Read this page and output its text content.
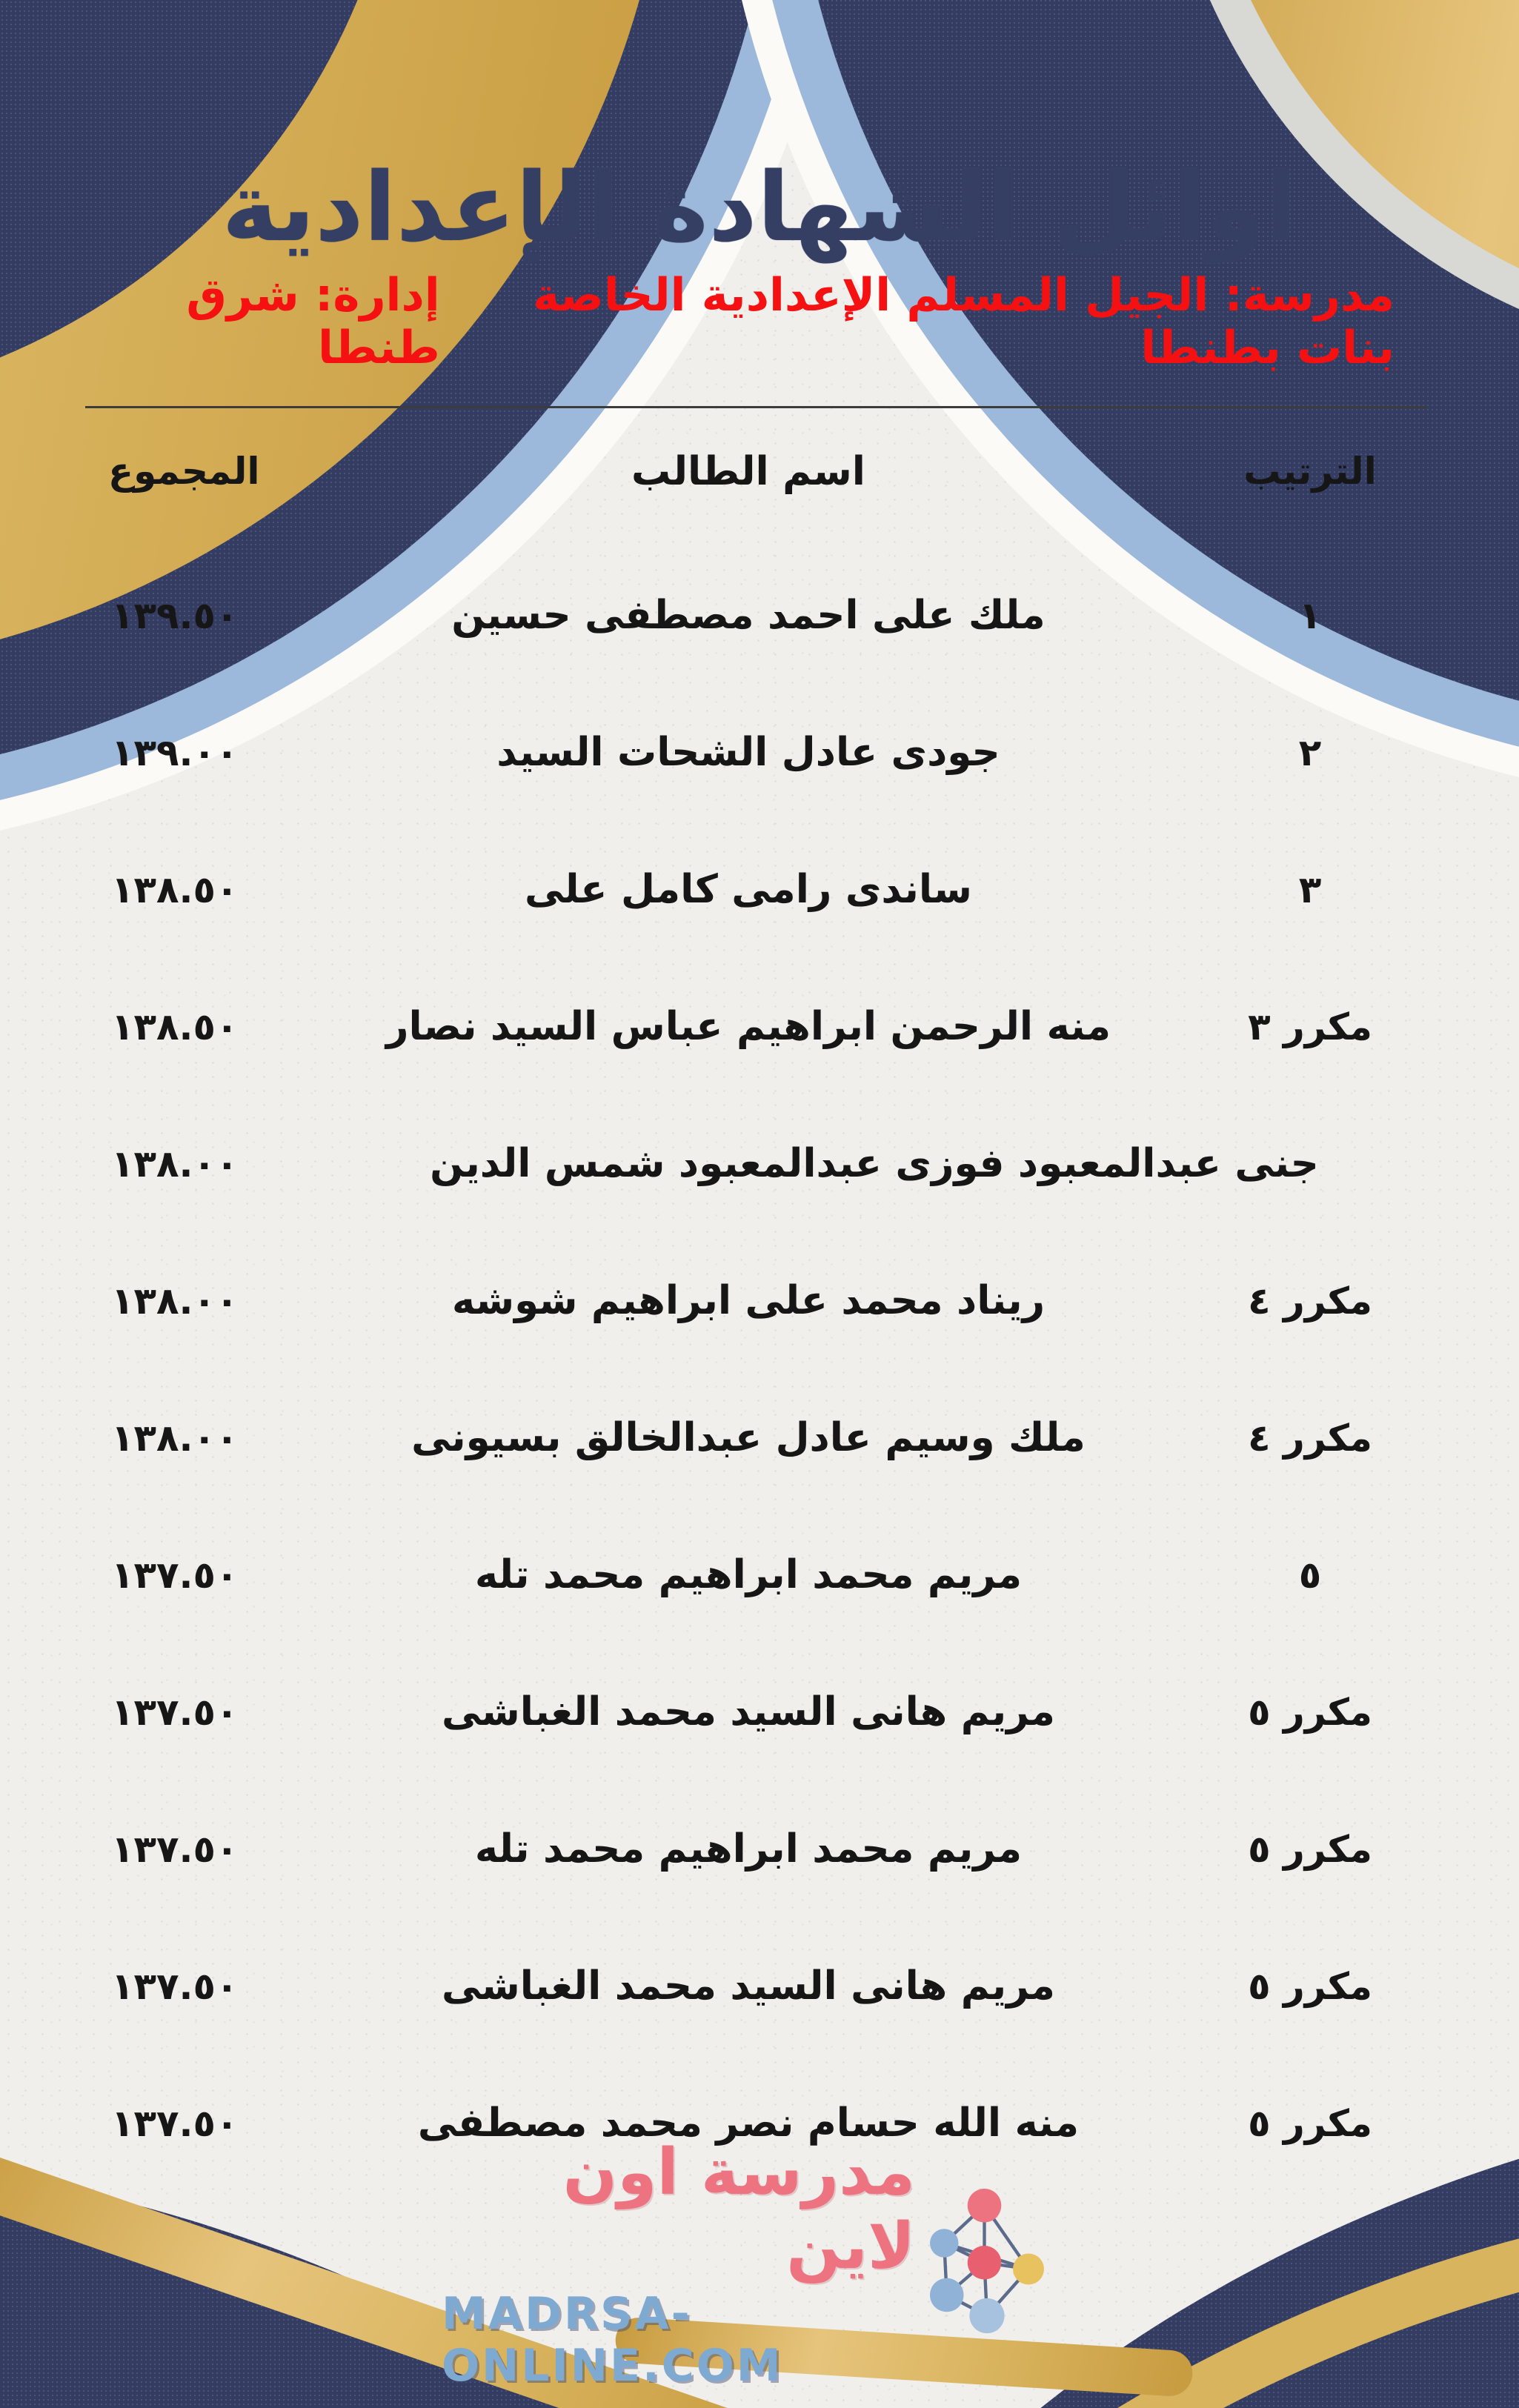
اوائل الشهادة الإعدادية
مدرسة: الجيل المسلم الإعدادية الخاصة بنات بطنطا
إدارة: شرق طنطا
الترتيب
اسم الطالب
المجموع
١
ملك على احمد مصطفى حسين
١٣٩.٥٠
٢
جودى عادل الشحات السيد
١٣٩.٠٠
٣
ساندى رامى كامل على
١٣٨.٥٠
مكرر ٣
منه الرحمن ابراهيم عباس السيد نصار
١٣٨.٥٠
جنى عبدالمعبود فوزى عبدالمعبود شمس الدين
١٣٨.٠٠
مكرر ٤
ريناد محمد على ابراهيم شوشه
١٣٨.٠٠
مكرر ٤
ملك وسيم عادل عبدالخالق بسيونى
١٣٨.٠٠
٥
مريم محمد ابراهيم محمد تله
١٣٧.٥٠
مكرر ٥
مريم هانى السيد محمد الغباشى
١٣٧.٥٠
مكرر ٥
مريم محمد ابراهيم محمد تله
١٣٧.٥٠
مكرر ٥
مريم هانى السيد محمد الغباشى
١٣٧.٥٠
مكرر ٥
منه الله حسام نصر محمد مصطفى
١٣٧.٥٠
مدرسة اون لاين
MADRSA-ONLINE.COM
